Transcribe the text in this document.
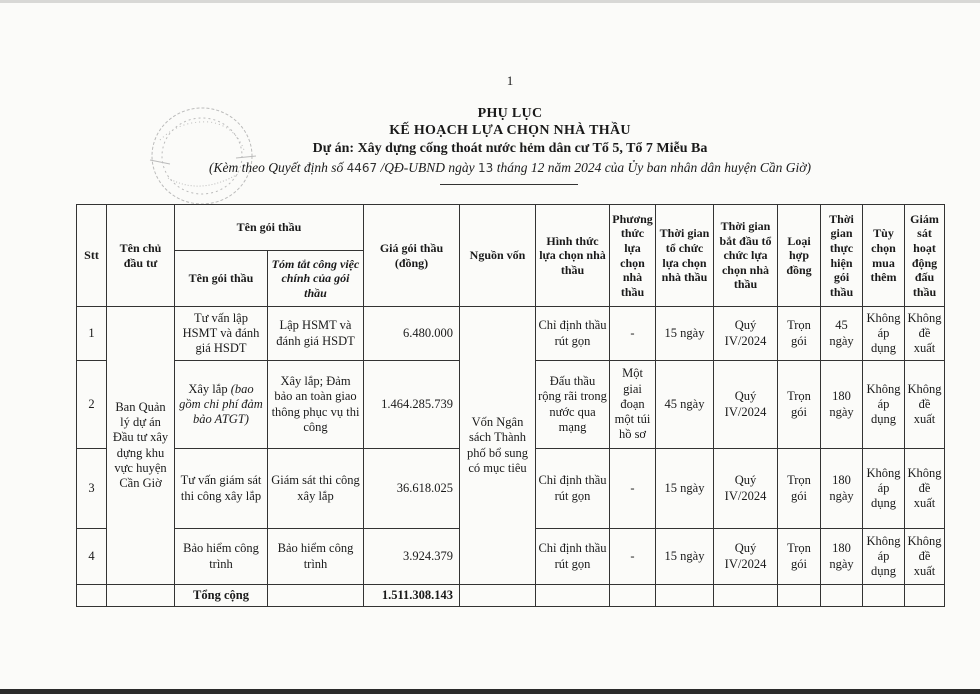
1
PHỤ LỤC
KẾ HOẠCH LỰA CHỌN NHÀ THẦU
Dự án: Xây dựng cống thoát nước hẻm dân cư Tổ 5, Tổ 7 Miễu Ba
(Kèm theo Quyết định số 4467 /QĐ-UBND ngày 13 tháng 12 năm 2024 của Ủy ban nhân dân huyện Cần Giờ)
Stt	Tên chủ đầu tư	Tên gói thầu		Giá gói thầu (đồng)	Nguồn vốn	Hình thức lựa chọn nhà thầu	Phương thức lựa chọn nhà thầu	Thời gian tổ chức lựa chọn nhà thầu	Thời gian bắt đầu tổ chức lựa chọn nhà thầu	Loại hợp đồng	Thời gian thực hiện gói thầu	Tùy chọn mua thêm	Giám sát hoạt động đấu thầu
		Tên gói thầu	Tóm tắt công việc chính của gói thầu										
1	Ban Quản lý dự án Đầu tư xây dựng khu vực huyện Cần Giờ	Tư vấn lập HSMT và đánh giá HSDT	Lập HSMT và đánh giá HSDT	6.480.000	Vốn Ngân sách Thành phố bổ sung có mục tiêu	Chỉ định thầu rút gọn	-	15 ngày	Quý IV/2024	Trọn gói	45 ngày	Không áp dụng	Không đề xuất
2		Xây lắp (bao gồm chi phí đảm bảo ATGT)	Xây lắp; Đảm bảo an toàn giao thông phục vụ thi công	1.464.285.739		Đấu thầu rộng rãi trong nước qua mạng	Một giai đoạn một túi hồ sơ	45 ngày	Quý IV/2024	Trọn gói	180 ngày	Không áp dụng	Không đề xuất
3		Tư vấn giám sát thi công xây lắp	Giám sát thi công xây lắp	36.618.025		Chỉ định thầu rút gọn	-	15 ngày	Quý IV/2024	Trọn gói	180 ngày	Không áp dụng	Không đề xuất
4		Bảo hiểm công trình	Bảo hiểm công trình	3.924.379		Chỉ định thầu rút gọn	-	15 ngày	Quý IV/2024	Trọn gói	180 ngày	Không áp dụng	Không đề xuất
		Tổng cộng		1.511.308.143									
